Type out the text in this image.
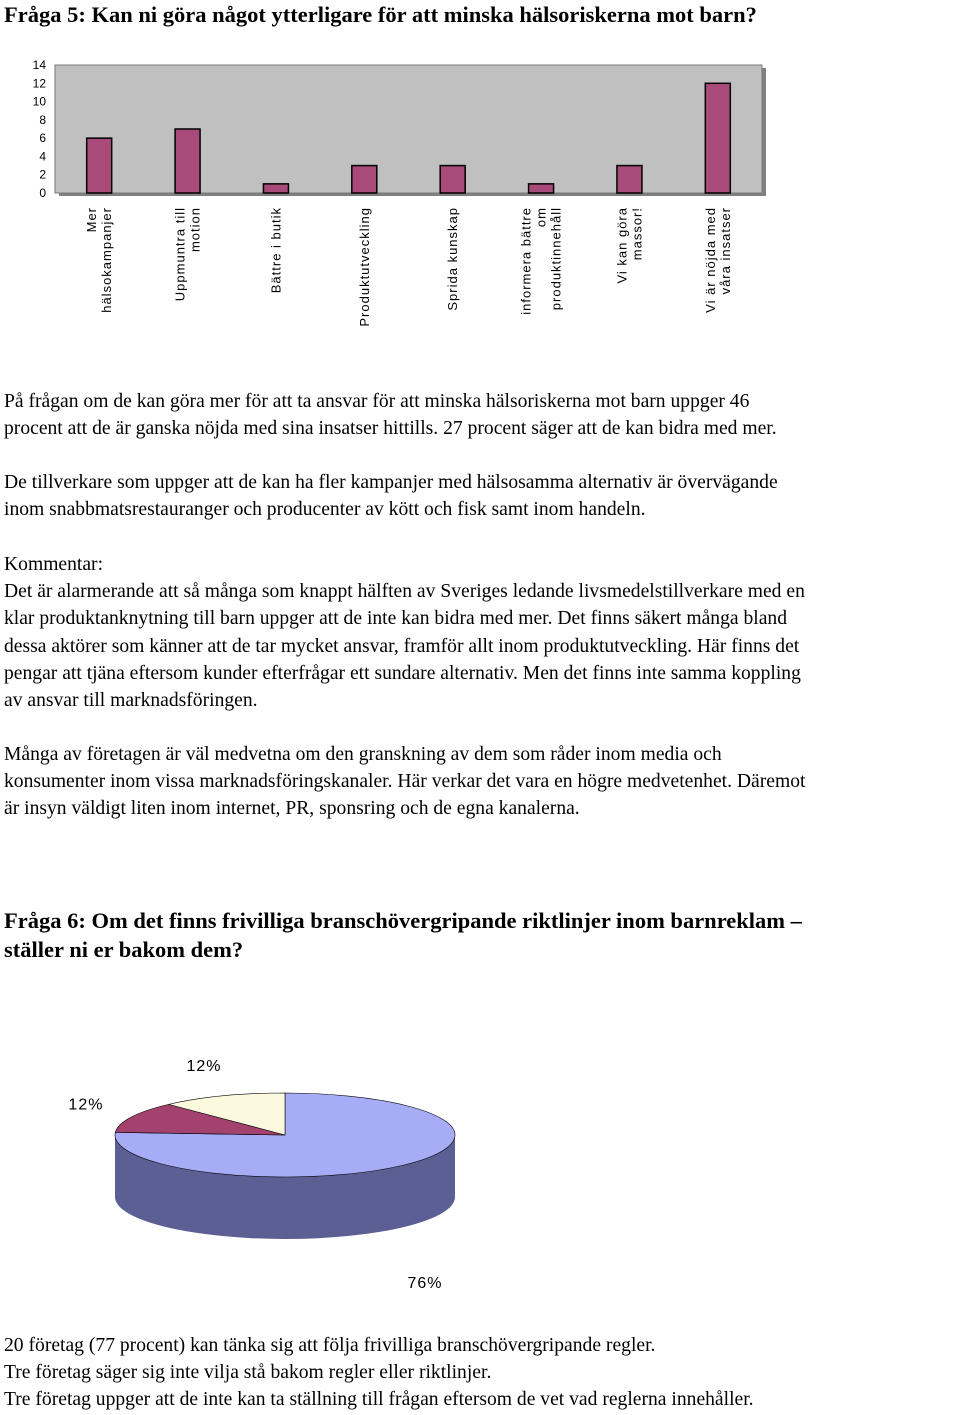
Fråga 5: Kan ni göra något ytterligare för att minska hälsoriskerna mot barn?
0
2
4
6
8
10
12
14
Mer hälsokampanjer	Uppmuntra till motion	Bättre i butik	Produktutveckling	Sprida kunskap	informera bättre om produktinnehåll	Vi kan göra massor!	Vi är nöjda med våra insatser
På frågan om de kan göra mer för att ta ansvar för att minska hälsoriskerna mot barn uppger 46
procent att de är ganska nöjda med sina insatser hittills. 27 procent säger att de kan bidra med mer.
De tillverkare som uppger att de kan ha fler kampanjer med hälsosamma alternativ är övervägande
inom snabbmatsrestauranger och producenter av kött och fisk samt inom handeln.
Kommentar:
Det är alarmerande att så många som knappt hälften av Sveriges ledande livsmedelstillverkare med en
klar produktanknytning till barn uppger att de inte kan bidra med mer. Det finns säkert många bland
dessa aktörer som känner att de tar mycket ansvar, framför allt inom produktutveckling. Här finns det
pengar att tjäna eftersom kunder efterfrågar ett sundare alternativ. Men det finns inte samma koppling
av ansvar till marknadsföringen.
Många av företagen är väl medvetna om den granskning av dem som råder inom media och
konsumenter inom vissa marknadsföringskanaler. Här verkar det vara en högre medvetenhet. Däremot
är insyn väldigt liten inom internet, PR, sponsring och de egna kanalerna.
Fråga 6: Om det finns frivilliga branschövergripande riktlinjer inom barnreklam –
ställer ni er bakom dem?
76%
12%
12%
20 företag (77 procent) kan tänka sig att följa frivilliga branschövergripande regler.
Tre företag säger sig inte vilja stå bakom regler eller riktlinjer.
Tre företag uppger att de inte kan ta ställning till frågan eftersom de vet vad reglerna innehåller.
